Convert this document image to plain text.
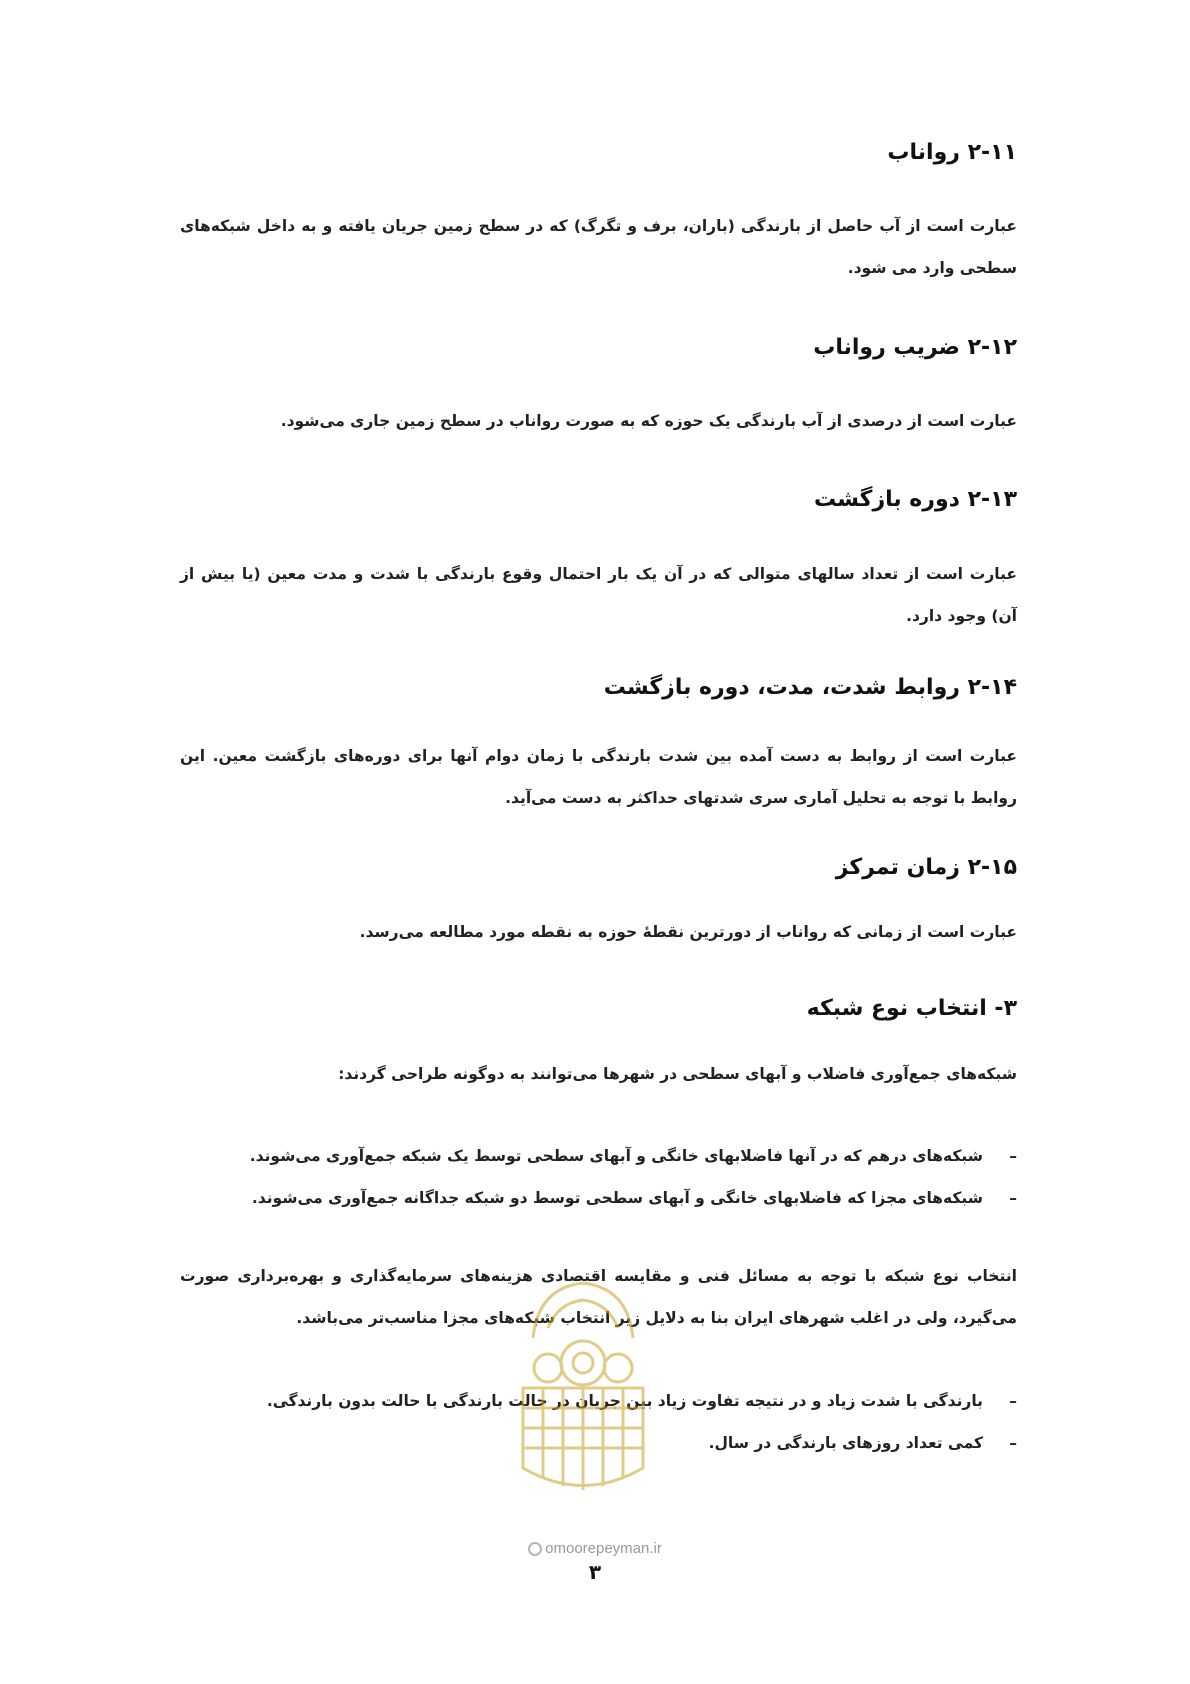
۲-۱۱ رواناب

عبارت است از آب حاصل از بارندگی (باران، برف و تگرگ) که در سطح زمین جریان یافته و به داخل شبکه‌های سطحی وارد می شود.

۲-۱۲ ضریب رواناب

عبارت است از درصدی از آب بارندگی یک حوزه که به صورت رواناب در سطح زمین جاری می‌شود.

۲-۱۳ دوره بازگشت

عبارت است از تعداد سالهای متوالی که در آن یک بار احتمال وقوع بارندگی با شدت و مدت معین (یا بیش از آن) وجود دارد.

۲-۱۴ روابط شدت، مدت، دوره بازگشت

عبارت است از روابط به دست آمده بین شدت بارندگی با زمان دوام آنها برای دوره‌های بازگشت معین. این روابط با توجه به تحلیل آماری سری شدتهای حداکثر به دست می‌آید.

۲-۱۵ زمان تمرکز

عبارت است از زمانی که رواناب از دورترین نقطۀ حوزه به نقطه مورد مطالعه می‌رسد.

۳- انتخاب نوع شبکه

شبکه‌های جمع‌آوری فاضلاب و آبهای سطحی در شهرها می‌توانند به دوگونه طراحی گردند:

–شبکه‌های درهم که در آنها فاضلابهای خانگی و آبهای سطحی توسط یک شبکه جمع‌آوری می‌شوند.
–شبکه‌های مجزا که فاضلابهای خانگی و آبهای سطحی توسط دو شبکه جداگانه جمع‌آوری می‌شوند.

انتخاب نوع شبکه با توجه به مسائل فنی و مقایسه اقتصادی هزینه‌های سرمایه‌گذاری و بهره‌برداری صورت می‌گیرد، ولی در اغلب شهرهای ایران بنا به دلایل زیر انتخاب شبکه‌های مجزا مناسب‌تر می‌باشد.

–بارندگی با شدت زیاد و در نتیجه تفاوت زیاد بین جریان در حالت بارندگی با حالت بدون بارندگی.
–کمی تعداد روزهای بارندگی در سال.
omoorepeyman.ir
۳
